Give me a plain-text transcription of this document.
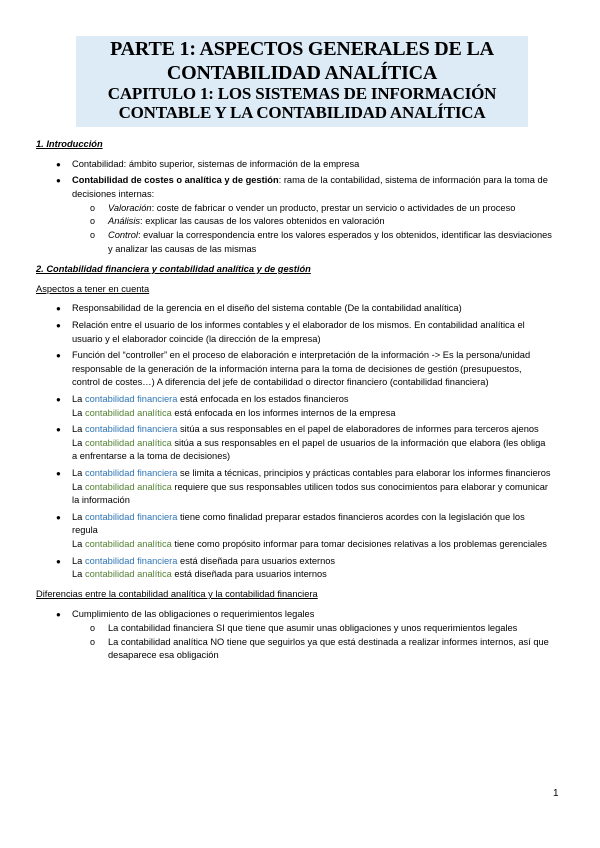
PARTE 1: ASPECTOS GENERALES DE LA
CONTABILIDAD ANALÍTICA
CAPITULO 1: LOS SISTEMAS DE INFORMACIÓN
CONTABLE Y LA CONTABILIDAD ANALÍTICA
1. Introducción
●	Contabilidad: ámbito superior, sistemas de información de la empresa
●	Contabilidad de costes o analítica y de gestión: rama de la contabilidad, sistema de información para la toma de decisiones internas:
o Valoración: coste de fabricar o vender un producto, prestar un servicio o actividades de un proceso
o Análisis: explicar las causas de los valores obtenidos en valoración
o Control: evaluar la correspondencia entre los valores esperados y los obtenidos, identificar las desviaciones y analizar las causas de las mismas
2. Contabilidad financiera y contabilidad analítica y de gestión
Aspectos a tener en cuenta
●	Responsabilidad de la gerencia en el diseño del sistema contable (De la contabilidad analítica)
●	Relación entre el usuario de los informes contables y el elaborador de los mismos. En contabilidad analítica el usuario y el elaborador coincide (la dirección de la empresa)
●	Función del “controller” en el proceso de elaboración e interpretación de la información -> Es la persona/unidad responsable de la generación de la información interna para la toma de decisiones de gestión (presupuestos, control de costes…) A diferencia del jefe de contabilidad o director financiero (contabilidad financiera)
●	La contabilidad financiera está enfocada en los estados financieros
La contabilidad analítica está enfocada en los informes internos de la empresa
●	La contabilidad financiera sitúa a sus responsables en el papel de elaboradores de informes para terceros ajenos
La contabilidad analítica sitúa a sus responsables en el papel de usuarios de la información que elabora (les obliga a enfrentarse a la toma de decisiones)
●	La contabilidad financiera se limita a técnicas, principios y prácticas contables para elaborar los informes financieros
La contabilidad analítica requiere que sus responsables utilicen todos sus conocimientos para elaborar y comunicar la información
●	La contabilidad financiera tiene como finalidad preparar estados financieros acordes con la legislación que los regula
La contabilidad analítica tiene como propósito informar para tomar decisiones relativas a los problemas gerenciales
●	La contabilidad financiera está diseñada para usuarios externos
La contabilidad analítica está diseñada para usuarios internos
Diferencias entre la contabilidad analítica y la contabilidad financiera
●	Cumplimiento de las obligaciones o requerimientos legales
o La contabilidad financiera SI que tiene que asumir unas obligaciones y unos requerimientos legales
o La contabilidad analítica NO tiene que seguirlos ya que está destinada a realizar informes internos, así que desaparece esa obligación
1
